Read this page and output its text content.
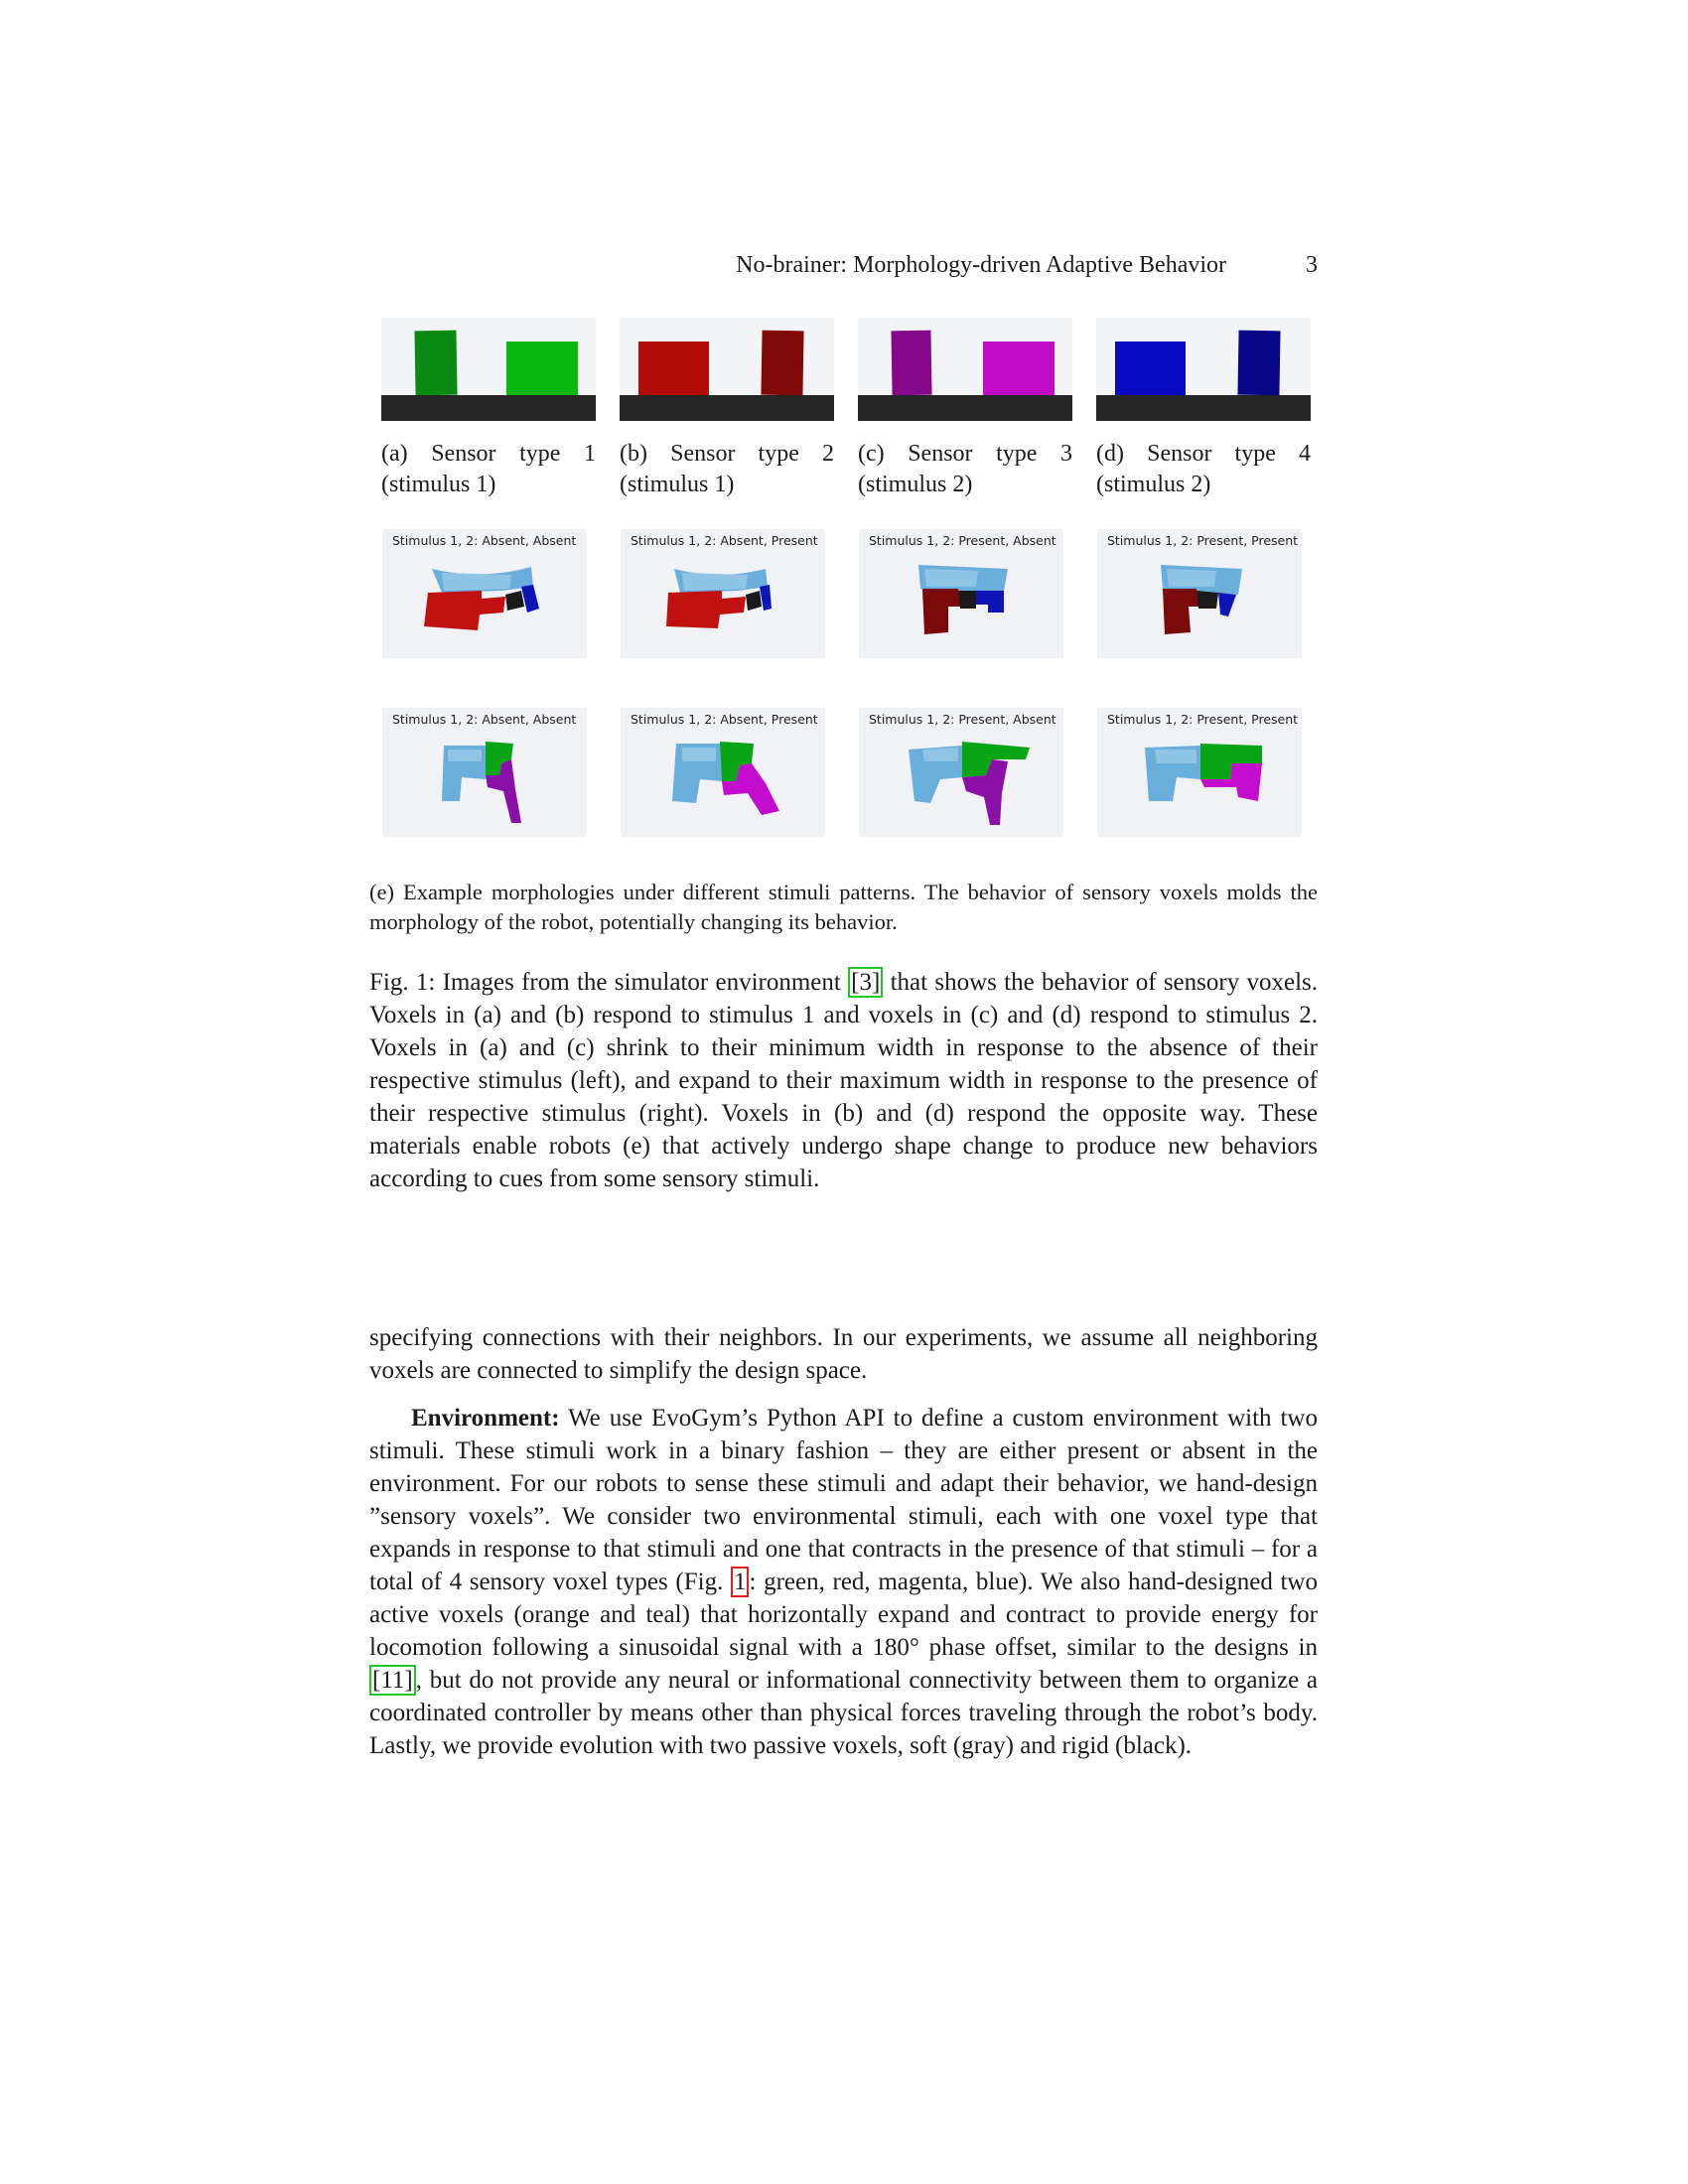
No-brainer: Morphology-driven Adaptive Behavior	3
(a) Sensor type 1
(stimulus 1)
(b) Sensor type 2
(stimulus 1)
(c) Sensor type 3
(stimulus 2)
(d) Sensor type 4
(stimulus 2)
Stimulus 1, 2: Absent, Absent	Stimulus 1, 2: Absent, Present	Stimulus 1, 2: Present, Absent	Stimulus 1, 2: Present, Present
Stimulus 1, 2: Absent, Absent	Stimulus 1, 2: Absent, Present	Stimulus 1, 2: Present, Absent	Stimulus 1, 2: Present, Present
(e) Example morphologies under different stimuli patterns. The behavior of sensory voxels molds the morphology of the robot, potentially changing its behavior.
Fig. 1: Images from the simulator environment [3] that shows the behavior of sensory voxels. Voxels in (a) and (b) respond to stimulus 1 and voxels in (c) and (d) respond to stimulus 2. Voxels in (a) and (c) shrink to their minimum width in response to the absence of their respective stimulus (left), and expand to their maximum width in response to the presence of their respective stimulus (right). Voxels in (b) and (d) respond the opposite way. These materials enable robots (e) that actively undergo shape change to produce new behaviors according to cues from some sensory stimuli.
specifying connections with their neighbors. In our experiments, we assume all neighboring voxels are connected to simplify the design space.
Environment: We use EvoGym’s Python API to define a custom environment with two stimuli. These stimuli work in a binary fashion – they are either present or absent in the environment. For our robots to sense these stimuli and adapt their behavior, we hand-design ”sensory voxels”. We consider two environmental stimuli, each with one voxel type that expands in response to that stimuli and one that contracts in the presence of that stimuli – for a total of 4 sensory voxel types (Fig. 1 : green, red, magenta, blue). We also hand-designed two active voxels (orange and teal) that horizontally expand and contract to provide energy for locomotion following a sinusoidal signal with a 180° phase offset, similar to the designs in [11] , but do not provide any neural or informational connectivity between them to organize a coordinated controller by means other than physical forces traveling through the robot’s body. Lastly, we provide evolution with two passive voxels, soft (gray) and rigid (black).
